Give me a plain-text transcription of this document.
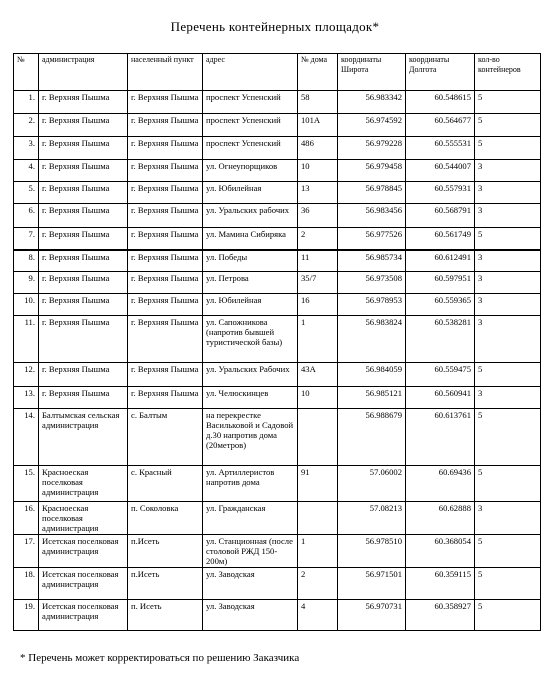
Перечень контейнерных площадок*
№	администрация	населенный пункт	адрес	№ дома	координаты Широта	координаты Долгота	кол-во контейнеров
1.	г. Верхняя Пышма	г. Верхняя Пышма	проспект Успенский	58	56.983342	60.548615	5
2.	г. Верхняя Пышма	г. Верхняя Пышма	проспект Успенский	101А	56.974592	60.564677	5
3.	г. Верхняя Пышма	г. Верхняя Пышма	проспект Успенский	486	56.979228	60.555531	5
4.	г. Верхняя Пышма	г. Верхняя Пышма	ул. Огнеупорщиков	10	56.979458	60.544007	3
5.	г. Верхняя Пышма	г. Верхняя Пышма	ул. Юбилейная	13	56.978845	60.557931	3
6.	г. Верхняя Пышма	г. Верхняя Пышма	ул. Уральских рабочих	36	56.983456	60.568791	3
7.	г. Верхняя Пышма	г. Верхняя Пышма	ул. Мамина Сибиряка	2	56.977526	60.561749	5
8.	г. Верхняя Пышма	г. Верхняя Пышма	ул. Победы	11	56.985734	60.612491	3
9.	г. Верхняя Пышма	г. Верхняя Пышма	ул. Петрова	35/7	56.973508	60.597951	3
10.	г. Верхняя Пышма	г. Верхняя Пышма	ул. Юбилейная	16	56.978953	60.559365	3
11.	г. Верхняя Пышма	г. Верхняя Пышма	ул. Сапожникова (напротив бывшей туристической базы)	1	56.983824	60.538281	3
12.	г. Верхняя Пышма	г. Верхняя Пышма	ул. Уральских Рабочих	43А	56.984059	60.559475	5
13.	г. Верхняя Пышма	г. Верхняя Пышма	ул. Челюскинцев	10	56.985121	60.560941	3
14.	Балтымская сельская администрация	с. Балтым	на перекрестке Васильковой и Садовой д.30 напротив дома (20метров)		56.988679	60.613761	5
15.	Красноеская поселковая администрация	с. Красный	ул. Артиллеристов напротив дома	91	57.06002	60.69436	5
16.	Красноеская поселковая администрация	п. Соколовка	ул. Гражданская		57.08213	60.62888	3
17.	Исетская поселковая администрация	п.Исеть	ул. Станционная (после столовой РЖД 150-200м)	1	56.978510	60.368054	5
18.	Исетская поселковая администрация	п.Исеть	ул. Заводская	2	56.971501	60.359115	5
19.	Исетская поселковая администрация	п. Исеть	ул. Заводская	4	56.970731	60.358927	5
* Перечень может корректироваться по решению Заказчика
